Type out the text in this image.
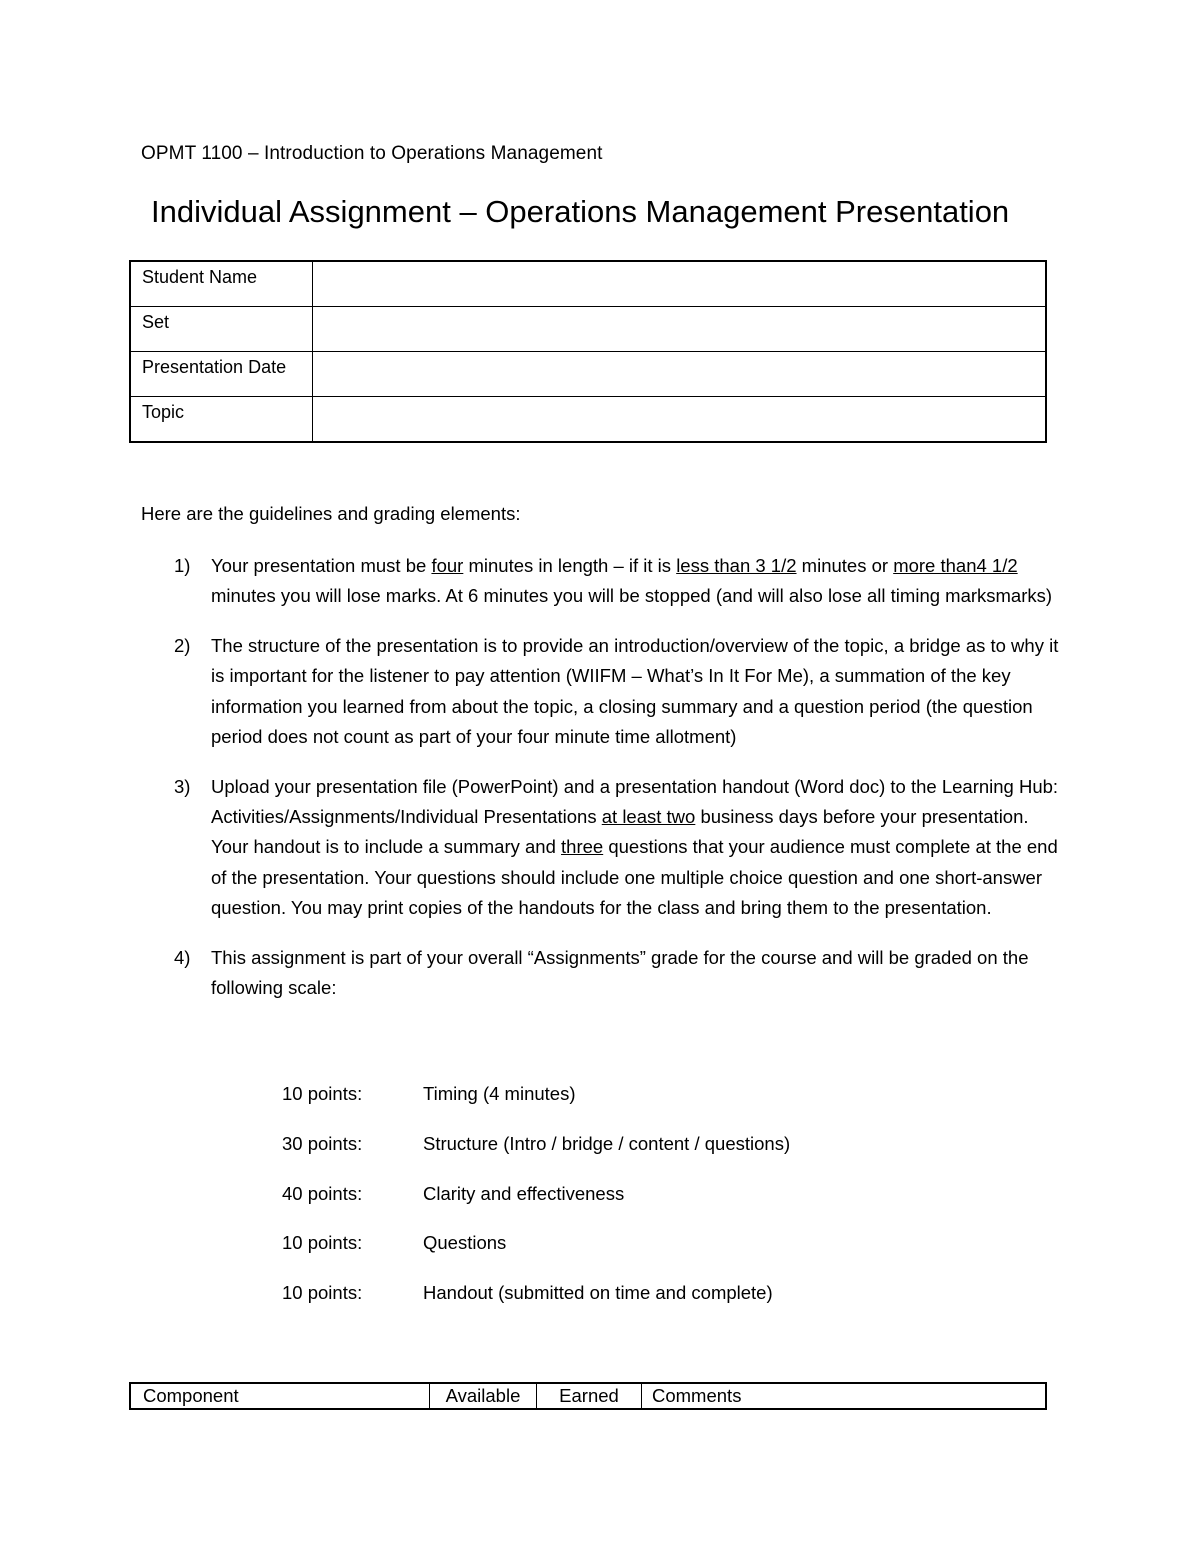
OPMT 1100 – Introduction to Operations Management
Individual Assignment – Operations Management Presentation
Student Name	
Set	
Presentation Date	
Topic	
Here are the guidelines and grading elements:
1) Your presentation must be four minutes in length – if it is less than 3 1/2 minutes or more than4 1/2 minutes you will lose marks. At 6 minutes you will be stopped (and will also lose all timing marksmarks)
2) The structure of the presentation is to provide an introduction/overview of the topic, a bridge as to why it is important for the listener to pay attention (WIIFM – What’s In It For Me), a summation of the key information you learned from about the topic, a closing summary and a question period (the question period does not count as part of your four minute time allotment)
3) Upload your presentation file (PowerPoint) and a presentation handout (Word doc) to the Learning Hub: Activities/Assignments/Individual Presentations at least two business days before your presentation. Your handout is to include a summary and three questions that your audience must complete at the end of the presentation. Your questions should include one multiple choice question and one short-answer question. You may print copies of the handouts for the class and bring them to the presentation.
4) This assignment is part of your overall “Assignments” grade for the course and will be graded on the following scale:
10 points:	Timing (4 minutes)
30 points:	Structure (Intro / bridge / content / questions)
40 points:	Clarity and effectiveness
10 points:	Questions
10 points:	Handout (submitted on time and complete)
Component	Available	Earned	Comments
